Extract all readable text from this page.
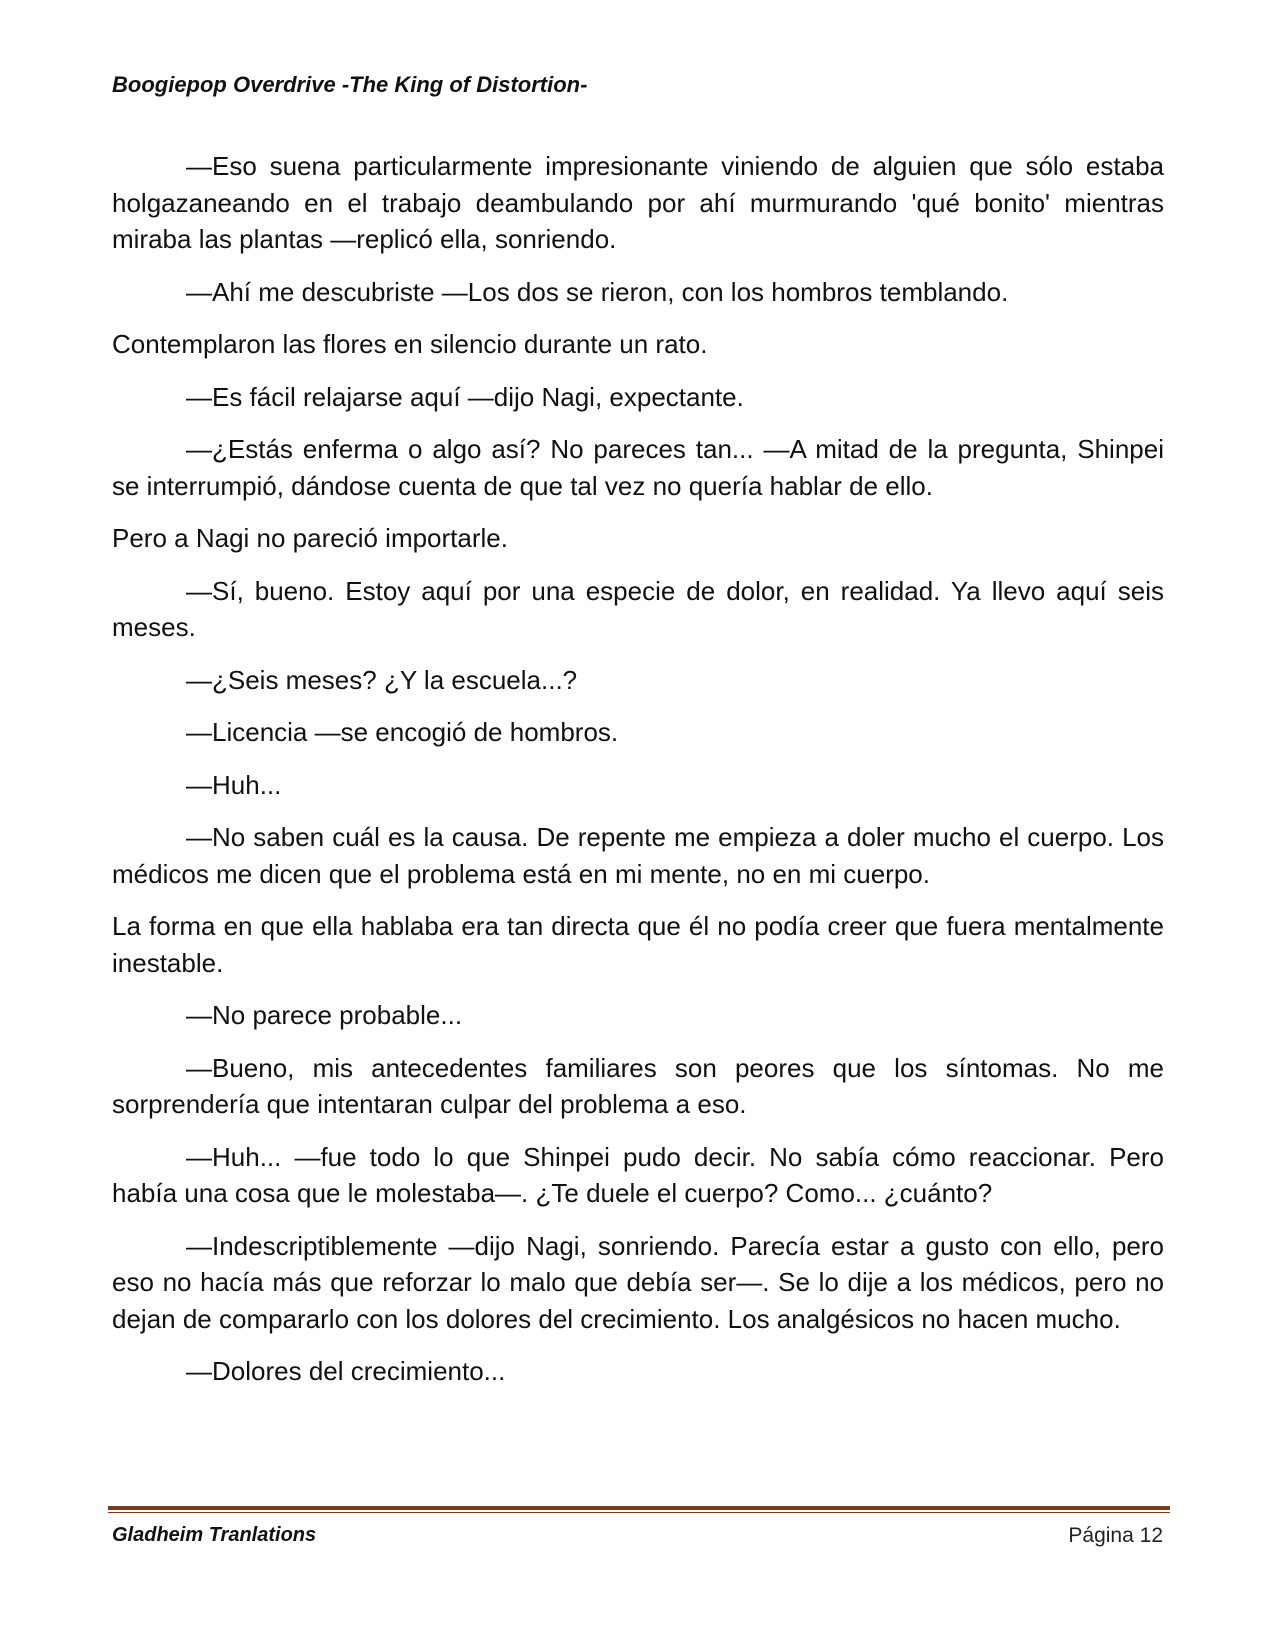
Boogiepop Overdrive -The King of Distortion-

—Eso suena particularmente impresionante viniendo de alguien que sólo estaba holgazaneando en el trabajo deambulando por ahí murmurando 'qué bonito' mientras miraba las plantas —replicó ella, sonriendo.

—Ahí me descubriste —Los dos se rieron, con los hombros temblando.

Contemplaron las flores en silencio durante un rato.

—Es fácil relajarse aquí —dijo Nagi, expectante.

—¿Estás enferma o algo así? No pareces tan... —A mitad de la pregunta, Shinpei se interrumpió, dándose cuenta de que tal vez no quería hablar de ello.

Pero a Nagi no pareció importarle.

—Sí, bueno. Estoy aquí por una especie de dolor, en realidad. Ya llevo aquí seis meses.

—¿Seis meses? ¿Y la escuela...?

—Licencia —se encogió de hombros.

—Huh...

—No saben cuál es la causa. De repente me empieza a doler mucho el cuerpo. Los médicos me dicen que el problema está en mi mente, no en mi cuerpo.

La forma en que ella hablaba era tan directa que él no podía creer que fuera mentalmente inestable.

—No parece probable...

—Bueno, mis antecedentes familiares son peores que los síntomas. No me sorprendería que intentaran culpar del problema a eso.

—Huh... —fue todo lo que Shinpei pudo decir. No sabía cómo reaccionar. Pero había una cosa que le molestaba—. ¿Te duele el cuerpo? Como... ¿cuánto?

—Indescriptiblemente —dijo Nagi, sonriendo. Parecía estar a gusto con ello, pero eso no hacía más que reforzar lo malo que debía ser—. Se lo dije a los médicos, pero no dejan de compararlo con los dolores del crecimiento. Los analgésicos no hacen mucho.

—Dolores del crecimiento...

Gladheim Tranlations	Página 12
